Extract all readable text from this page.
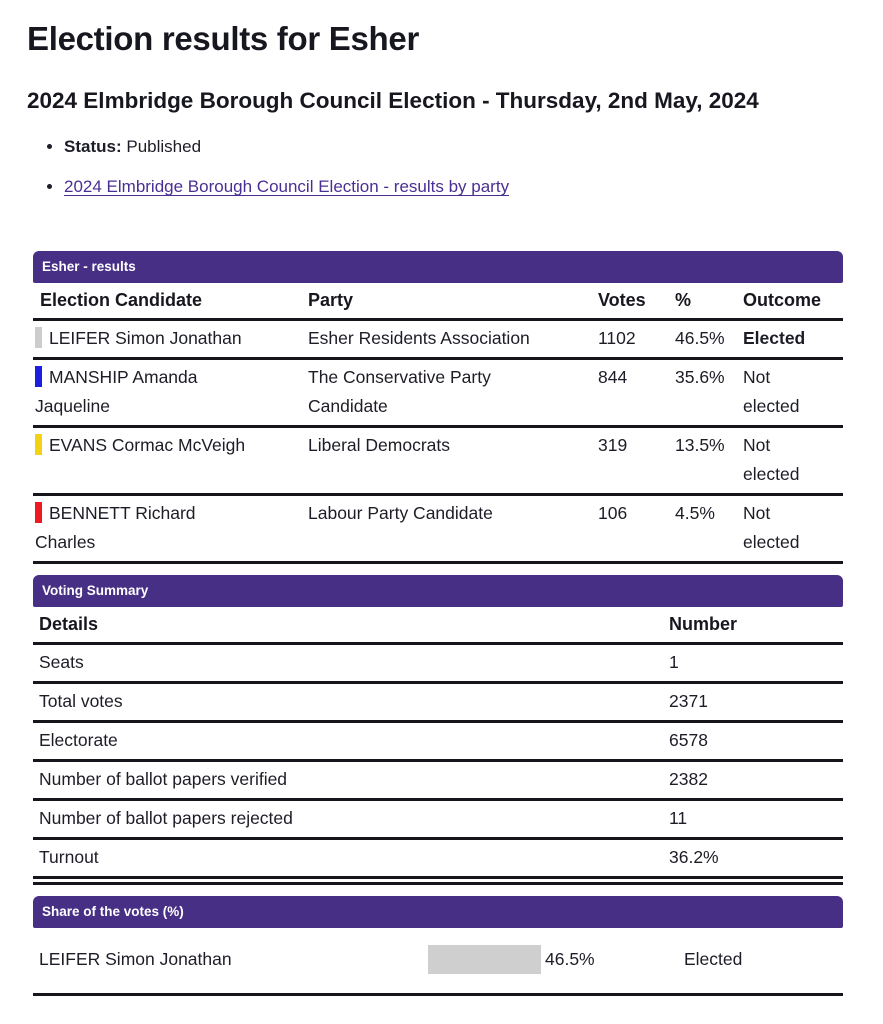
Election results for Esher
2024 Elmbridge Borough Council Election - Thursday, 2nd May, 2024
• Status: Published
• 2024 Elmbridge Borough Council Election - results by party
Esher - results
Election Candidate	Party	Votes	%	Outcome
LEIFER Simon Jonathan	Esher Residents Association	1102	46.5%	Elected
MANSHIP Amanda Jaqueline	The Conservative Party Candidate	844	35.6%	Not elected
EVANS Cormac McVeigh	Liberal Democrats	319	13.5%	Not elected
BENNETT Richard Charles	Labour Party Candidate	106	4.5%	Not elected
Voting Summary
Details	Number
Seats	1
Total votes	2371
Electorate	6578
Number of ballot papers verified	2382
Number of ballot papers rejected	11
Turnout	36.2%
Share of the votes (%)
LEIFER Simon Jonathan	46.5%	Elected
